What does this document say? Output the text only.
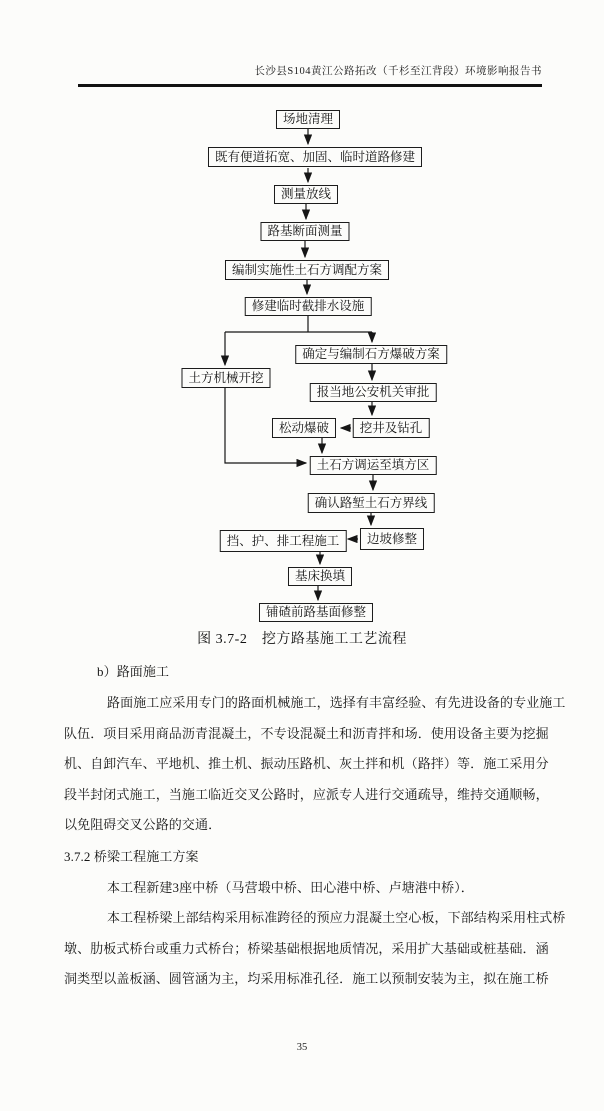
长沙县S104黄江公路拓改（千杉至江背段）环境影响报告书
场地清理
既有便道拓宽、加固、临时道路修建
测量放线
路基断面测量
编制实施性土石方调配方案
修建临时截排水设施
确定与编制石方爆破方案
土方机械开挖
报当地公安机关审批
松动爆破	挖井及钻孔
土石方调运至填方区
确认路堑土石方界线
挡、护、排工程施工	边坡修整
基床换填
铺碴前路基面修整
图 3.7-2　挖方路基施工工艺流程
b）路面施工
路面施工应采用专门的路面机械施工，选择有丰富经验、有先进设备的专业施工
队伍．项目采用商品沥青混凝土，不专设混凝土和沥青拌和场．使用设备主要为挖掘
机、自卸汽车、平地机、推土机、振动压路机、灰土拌和机（路拌）等．施工采用分
段半封闭式施工，当施工临近交叉公路时，应派专人进行交通疏导，维持交通顺畅，
以免阻碍交叉公路的交通．
3.7.2 桥梁工程施工方案
本工程新建3座中桥（马营塅中桥、田心港中桥、卢塘港中桥）．
本工程桥梁上部结构采用标准跨径的预应力混凝土空心板，下部结构采用柱式桥
墩、肋板式桥台或重力式桥台；桥梁基础根据地质情况，采用扩大基础或桩基础．涵
洞类型以盖板涵、圆管涵为主，均采用标准孔径．施工以预制安装为主，拟在施工桥
35
